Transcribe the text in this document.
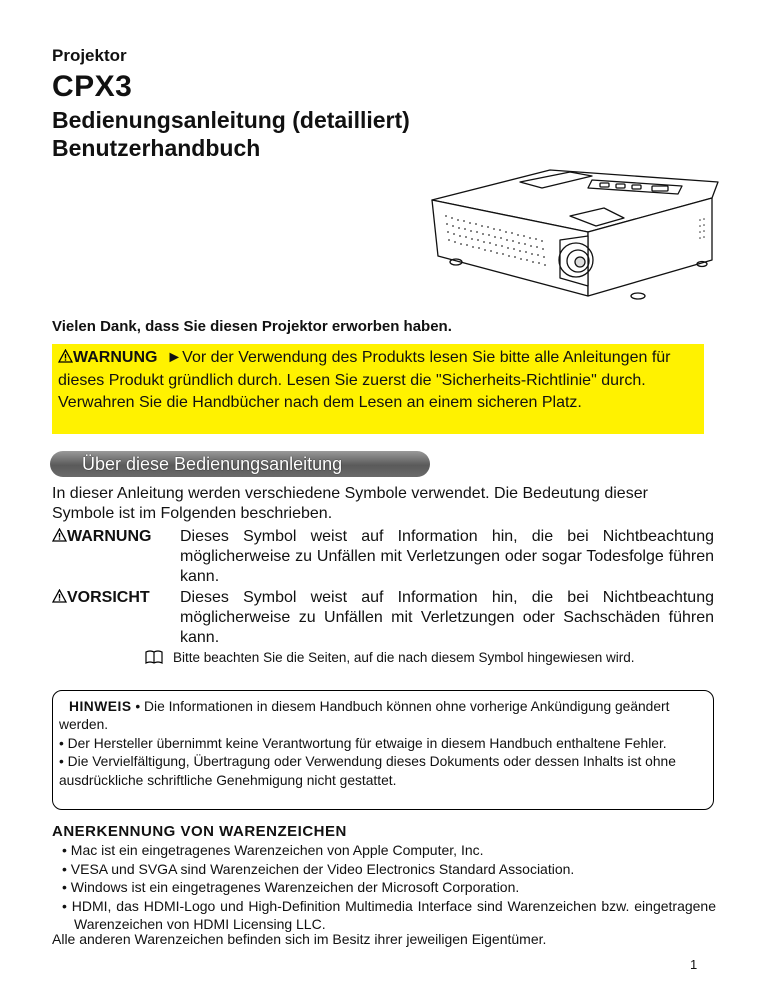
Projektor
CPX3
Bedienungsanleitung (detailliert)
Benutzerhandbuch
Vielen Dank, dass Sie diesen Projektor erworben haben.
WARNUNG ►Vor der Verwendung des Produkts lesen Sie bitte alle Anleitungen für dieses Produkt gründlich durch. Lesen Sie zuerst die "Sicherheits-Richtlinie" durch. Verwahren Sie die Handbücher nach dem Lesen an einem sicheren Platz.
Über diese Bedienungsanleitung
In dieser Anleitung werden verschiedene Symbole verwendet. Die Bedeutung dieser Symbole ist im Folgenden beschrieben.
WARNUNG Dieses Symbol weist auf Information hin, die bei Nichtbeachtung möglicherweise zu Unfällen mit Verletzungen oder sogar Todesfolge führen kann.
VORSICHT Dieses Symbol weist auf Information hin, die bei Nichtbeachtung möglicherweise zu Unfällen mit Verletzungen oder Sachschäden führen kann.
Bitte beachten Sie die Seiten, auf die nach diesem Symbol hingewiesen wird.
HINWEIS • Die Informationen in diesem Handbuch können ohne vorherige Ankündigung geändert werden.
• Der Hersteller übernimmt keine Verantwortung für etwaige in diesem Handbuch enthaltene Fehler.
• Die Vervielfältigung, Übertragung oder Verwendung dieses Dokuments oder dessen Inhalts ist ohne ausdrückliche schriftliche Genehmigung nicht gestattet.
ANERKENNUNG VON WARENZEICHEN
• Mac ist ein eingetragenes Warenzeichen von Apple Computer, Inc.
• VESA und SVGA sind Warenzeichen der Video Electronics Standard Association.
• Windows ist ein eingetragenes Warenzeichen der Microsoft Corporation.
• HDMI, das HDMI-Logo und High-Definition Multimedia Interface sind Warenzeichen bzw. eingetragene Warenzeichen von HDMI Licensing LLC.
Alle anderen Warenzeichen befinden sich im Besitz ihrer jeweiligen Eigentümer.
1
